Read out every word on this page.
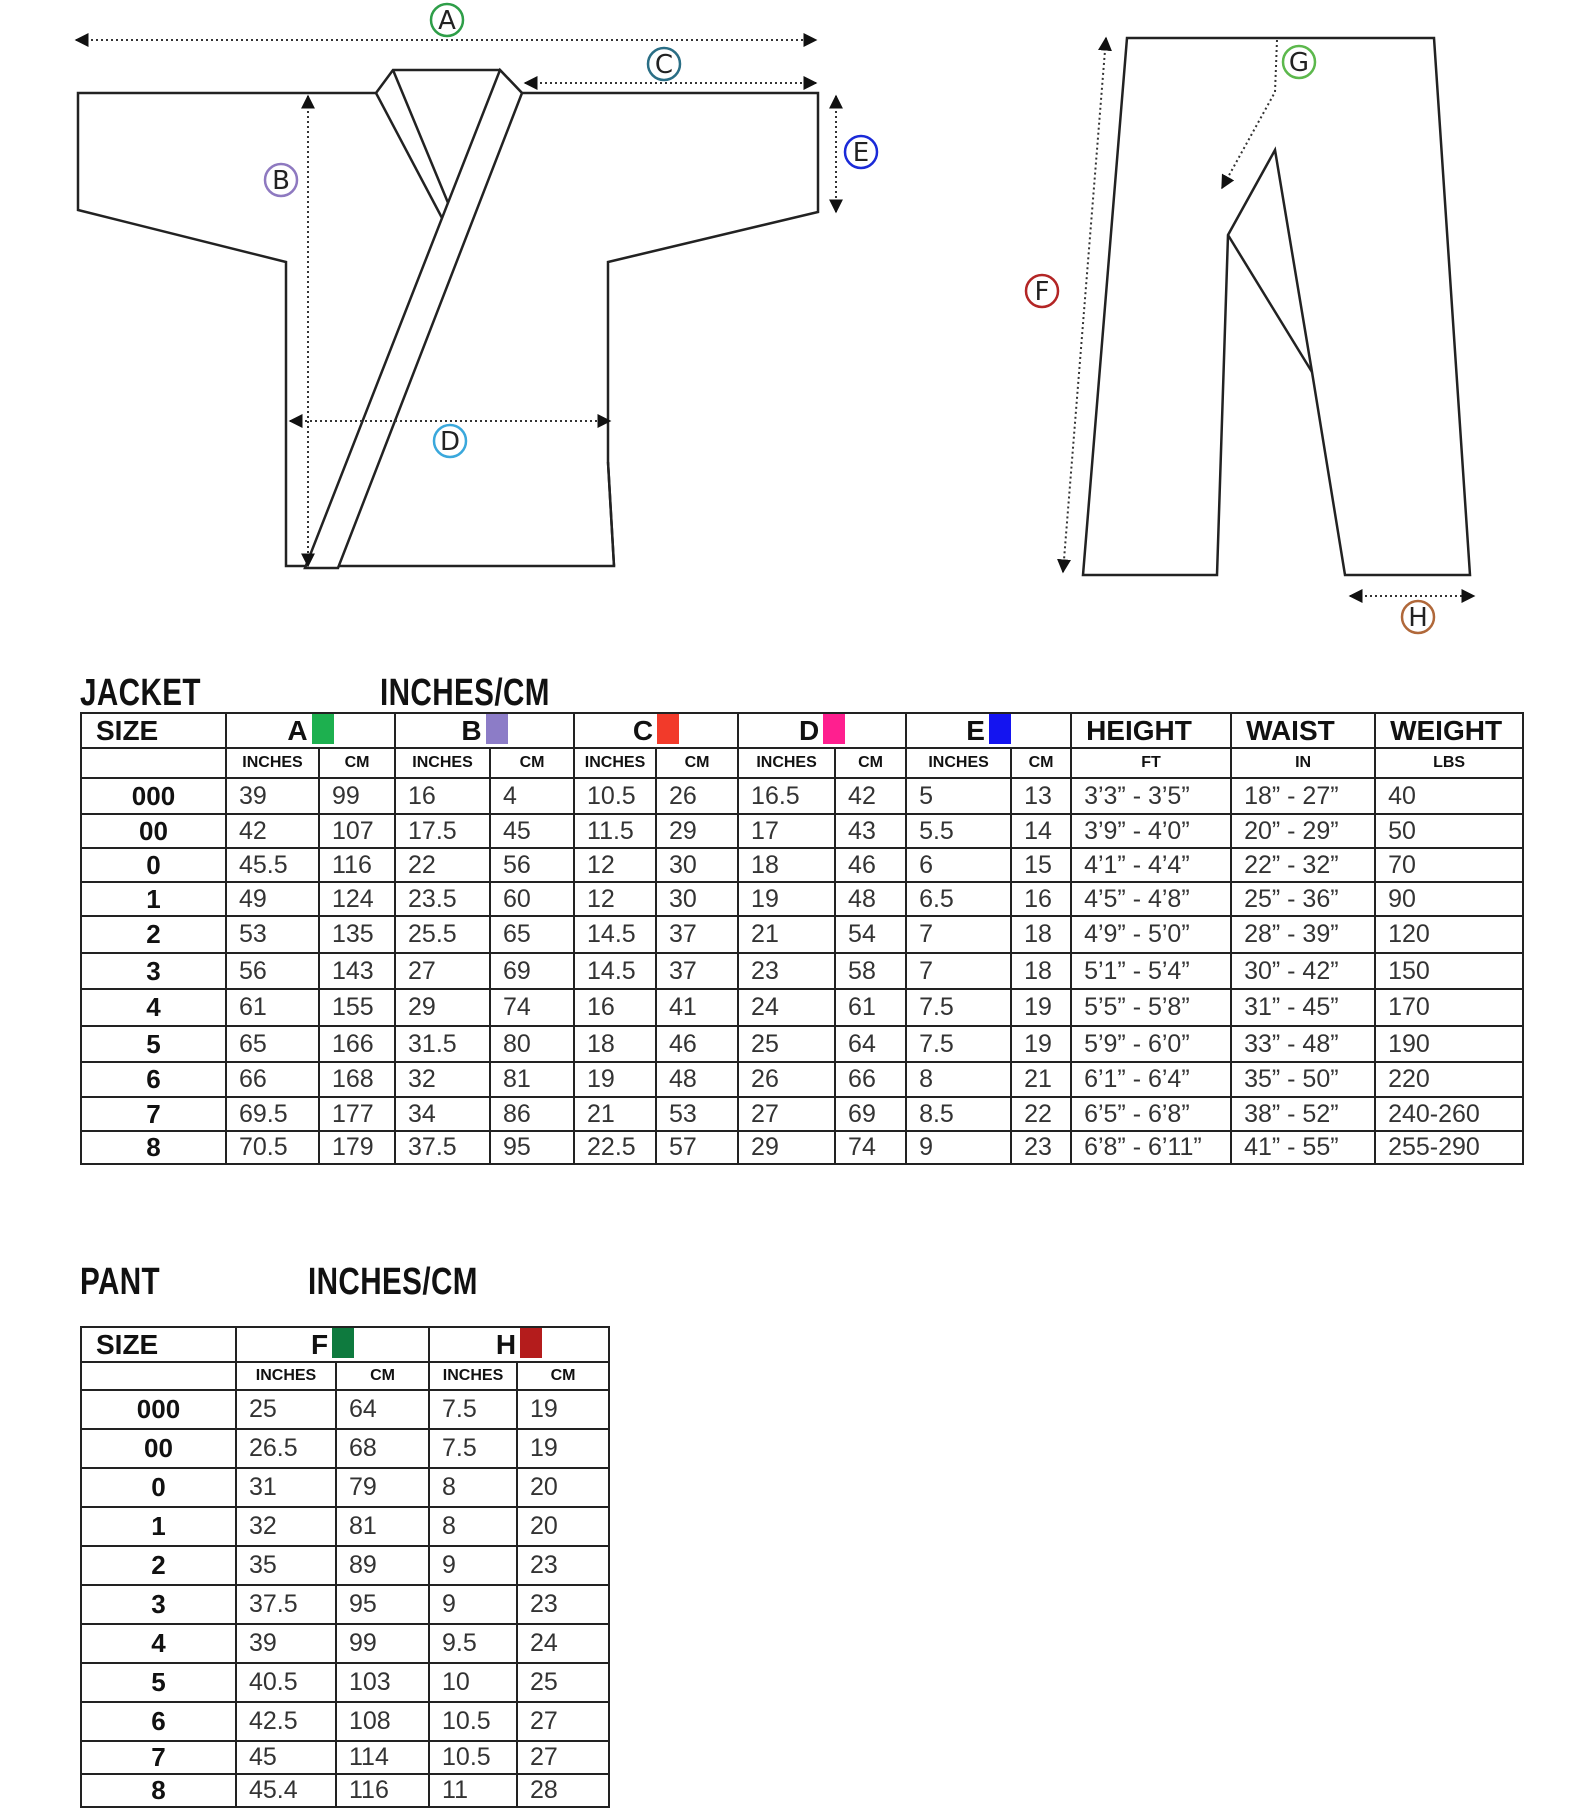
A
C
B
E
D
G
F
H
JACKET	INCHES/CM
SIZE	A		B		C		D		E		HEIGHT	WAIST	WEIGHT
	INCHES	CM	INCHES	CM	INCHES	CM	INCHES	CM	INCHES	CM	FT	IN	LBS
000	39	99	16	4	10.5	26	16.5	42	5	13	3’3” - 3’5”	18” - 27”	40
00	42	107	17.5	45	11.5	29	17	43	5.5	14	3’9” - 4’0”	20” - 29”	50
0	45.5	116	22	56	12	30	18	46	6	15	4’1” - 4’4”	22” - 32”	70
1	49	124	23.5	60	12	30	19	48	6.5	16	4’5” - 4’8”	25” - 36”	90
2	53	135	25.5	65	14.5	37	21	54	7	18	4’9” - 5’0”	28” - 39”	120
3	56	143	27	69	14.5	37	23	58	7	18	5’1” - 5’4”	30” - 42”	150
4	61	155	29	74	16	41	24	61	7.5	19	5’5” - 5’8”	31” - 45”	170
5	65	166	31.5	80	18	46	25	64	7.5	19	5’9” - 6’0”	33” - 48”	190
6	66	168	32	81	19	48	26	66	8	21	6’1” - 6’4”	35” - 50”	220
7	69.5	177	34	86	21	53	27	69	8.5	22	6’5” - 6’8”	38” - 52”	240-260
8	70.5	179	37.5	95	22.5	57	29	74	9	23	6’8” - 6’11”	41” - 55”	255-290
PANT	INCHES/CM
SIZE	F		H	
	INCHES	CM	INCHES	CM
000	25	64	7.5	19
00	26.5	68	7.5	19
0	31	79	8	20
1	32	81	8	20
2	35	89	9	23
3	37.5	95	9	23
4	39	99	9.5	24
5	40.5	103	10	25
6	42.5	108	10.5	27
7	45	114	10.5	27
8	45.4	116	11	28
